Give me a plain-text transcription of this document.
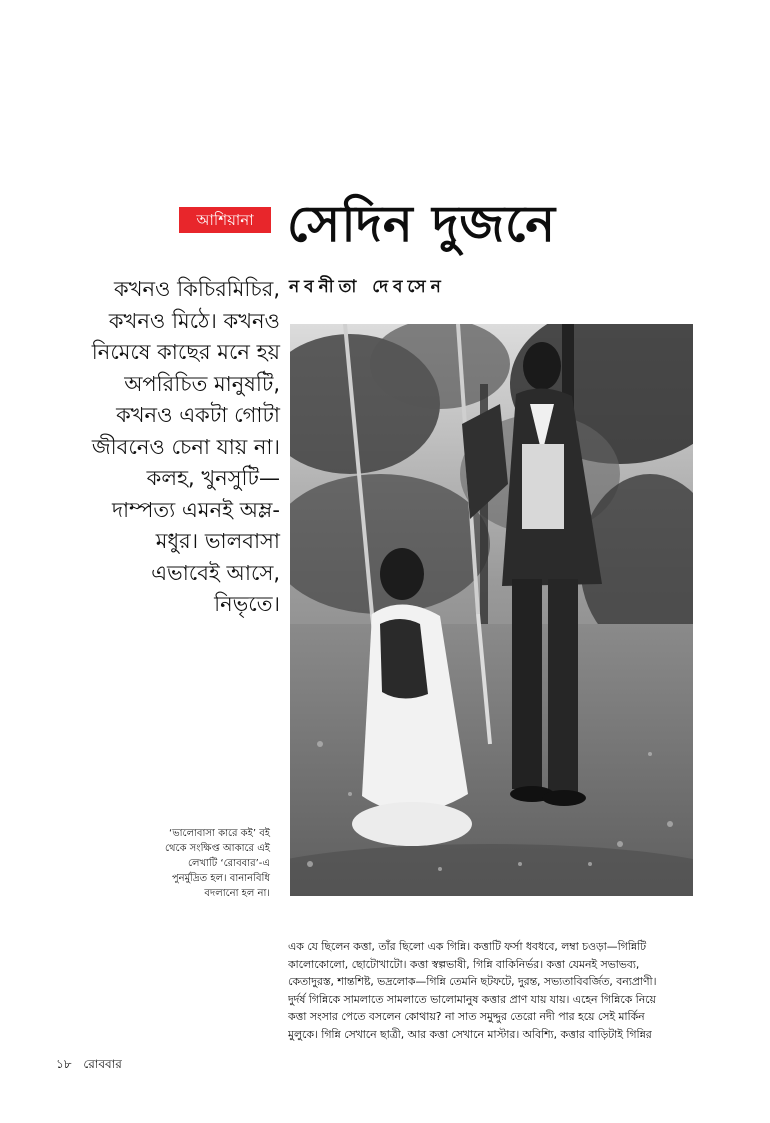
আশিয়ানা সেদিন দুজনে
নবনীতা দেবসেন
কখনও কিচিরমিচির,
কখনও মিঠে। কখনও
নিমেষে কাছের মনে হয়
অপরিচিত মানুষটি,
কখনও একটা গোটা
জীবনেও চেনা যায় না।
কলহ, খুনসুটি—
দাম্পত্য এমনই অম্ল-
মধুর। ভালবাসা
এভাবেই আসে,
নিভৃতে।
‘ভালোবাসা কারে কই’ বই
থেকে সংক্ষিপ্ত আকারে এই
লেখাটি ‘রোববার’-এ
পুনর্মুদ্রিত হল। বানানবিধি
বদলানো হল না।
এক যে ছিলেন কত্তা, তাঁর ছিলো এক গিন্নি। কত্তাটি ফর্সা ধবধবে, লম্বা চওড়া—গিন্নিটি
কালোকোলো, ছোটোখাটো। কত্তা স্বল্পভাষী, গিন্নি বাকিনির্ভর। কত্তা যেমনই সভাভব্য,
কেতাদুরস্ত, শান্তশিষ্ট, ভদ্রলোক—গিন্নি তেমনি ছটফটে, দুরন্ত, সভ্যতাবিবর্জিত, বন্যপ্রাণী।
দুর্দর্ষ গিন্নিকে সামলাতে সামলাতে ভালোমানুষ কত্তার প্রাণ যায় যায়। এহেন গিন্নিকে নিয়ে
কত্তা সংসার পেতে বসলেন কোথায়? না সাত সমুদ্দুর তেরো নদী পার হয়ে সেই মার্কিন
মুলুকে। গিন্নি সেখানে ছাত্রী, আর কত্তা সেখানে মাস্টার। অবিশ্যি, কত্তার বাড়িটাই গিন্নির
১৮ রোববার
